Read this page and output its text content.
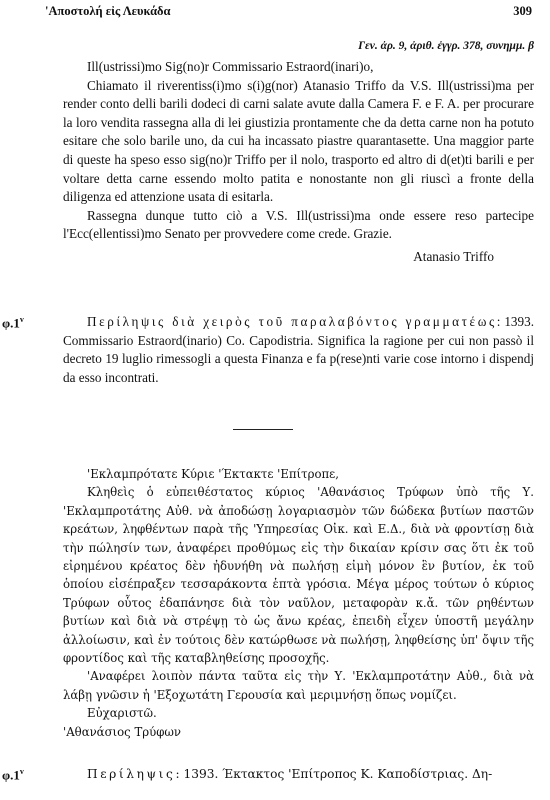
'Αποστολή εἰς Λευκάδα	309
Γεν. ἀρ. 9, ἀριθ. ἐγγρ. 378, συνημμ. β

Ill(ustrissi)mo Sig(no)r Commissario Estraord(inari)o,

Chiamato il riverentiss(i)mo s(i)g(nor) Atanasio Triffo da V.S. Ill(ustrissi)ma per render conto delli barili dodeci di carni salate avute dalla Camera F. e F. A. per procurare la loro vendita rassegna alla di lei giustizia prontamente che da detta carne non ha potuto esitare che solo barile uno, da cui ha incassato piastre quarantasette. Una maggior parte di queste ha speso esso sig(no)r Triffo per il nolo, trasporto ed altro di d(et)ti barili e per voltare detta carne essendo molto patita e nonostante non gli riuscì a fronte della diligenza ed attenzione usata di esitarla.

Rassegna dunque tutto ciò a V.S. Ill(ustrissi)ma onde essere reso partecipe l'Ecc(ellentissi)mo Senato per provvedere come crede. Grazie.

Atanasio Triffo

φ.1$^v$	Περίληψις διὰ χειρὸς τοῦ παραλαβόντος γραμματέως: 1393. Commissario Estraord(inario) Co. Capodistria. Significa la ragione per cui non passò il decreto 19 luglio rimessogli a questa Finanza e fa p(rese)nti varie cose intorno i dispendj da esso incontrati.

'Εκλαμπρότατε Κύριε 'Έκτακτε 'Επίτροπε,

Κληθεὶς ὁ εὐπειθέστατος κύριος 'Αθανάσιος Τρύφων ὑπὸ τῆς Υ. 'Εκλαμπροτάτης Αὐθ. νὰ ἀποδώσῃ λογαριασμὸν τῶν δώδεκα βυτίων παστῶν κρεάτων, ληφθέντων παρὰ τῆς 'Υπηρεσίας Οἰκ. καὶ Ε.Δ., διὰ νὰ φροντίσῃ διὰ τὴν πώλησίν των, ἀναφέρει προθύμως εἰς τὴν δικαίαν κρίσιν σας ὅτι ἐκ τοῦ εἰρημένου κρέατος δὲν ἠδυνήθη νὰ πωλήσῃ εἰμὴ μόνον ἓν βυτίον, ἐκ τοῦ ὁποίου εἰσέπραξεν τεσσαράκοντα ἑπτὰ γρόσια. Μέγα μέρος τούτων ὁ κύριος Τρύφων οὗτος ἐδαπάνησε διὰ τὸν ναῦλον, μεταφορὰν κ.ἄ. τῶν ρηθέντων βυτίων καὶ διὰ νὰ στρέψῃ τὸ ὡς ἄνω κρέας, ἐπειδὴ εἶχεν ὑποστῆ μεγάλην ἀλλοίωσιν, καὶ ἐν τούτοις δὲν κατώρθωσε νὰ πωλήσῃ, ληφθείσης ὑπ' ὄψιν τῆς φροντίδος καὶ τῆς καταβληθείσης προσοχῆς.

'Αναφέρει λοιπὸν πάντα ταῦτα εἰς τὴν Υ. 'Εκλαμπροτάτην Αὐθ., διὰ νὰ λάβῃ γνῶσιν ἡ 'Εξοχωτάτη Γερουσία καὶ μεριμνήσῃ ὅπως νομίζει.

Εὐχαριστῶ.

'Αθανάσιος Τρύφων

φ.1$^v$	Περίληψις: 1393. Έκτακτος 'Επίτροπος Κ. Καποδίστριας. Δη-
